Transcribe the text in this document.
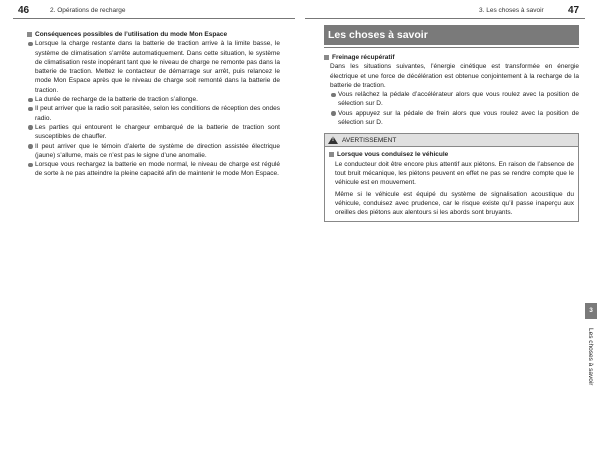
46	2. Opérations de recharge	3. Les choses à savoir 47
Conséquences possibles de l’utilisation du mode Mon Espace
Lorsque la charge restante dans la batterie de traction arrive à la limite basse, le système de climatisation s’arrête automatiquement. Dans cette situation, le système de climatisation reste inopérant tant que le niveau de charge ne remonte pas dans la batterie de traction. Mettez le contacteur de démarrage sur arrêt, puis relancez le mode Mon Espace après que le niveau de charge soit remonté dans la batterie de traction.
La durée de recharge de la batterie de traction s’allonge.
Il peut arriver que la radio soit parasitée, selon les conditions de réception des ondes radio.
Les parties qui entourent le chargeur embarqué de la batterie de traction sont susceptibles de chauffer.
Il peut arriver que le témoin d’alerte de système de direction assistée électrique (jaune) s’allume, mais ce n’est pas le signe d’une anomalie.
Lorsque vous rechargez la batterie en mode normal, le niveau de charge est régulé de sorte à ne pas atteindre la pleine capacité afin de maintenir le mode Mon Espace.
Les choses à savoir
Freinage récupératif
Dans les situations suivantes, l’énergie cinétique est transformée en énergie électrique et une force de décélération est obtenue conjointement à la recharge de la batterie de traction.
Vous relâchez la pédale d’accélérateur alors que vous roulez avec la position de sélection sur D.
Vous appuyez sur la pédale de frein alors que vous roulez avec la position de sélection sur D.
! AVERTISSEMENT
Lorsque vous conduisez le véhicule
Le conducteur doit être encore plus attentif aux piétons. En raison de l’absence de tout bruit mécanique, les piétons peuvent en effet ne pas se rendre compte que le véhicule est en mouvement.
Même si le véhicule est équipé du système de signalisation acoustique du véhicule, conduisez avec prudence, car le risque existe qu’il passe inaperçu aux oreilles des piétons aux alentours si les abords sont bruyants.
3
Les choses à savoir
